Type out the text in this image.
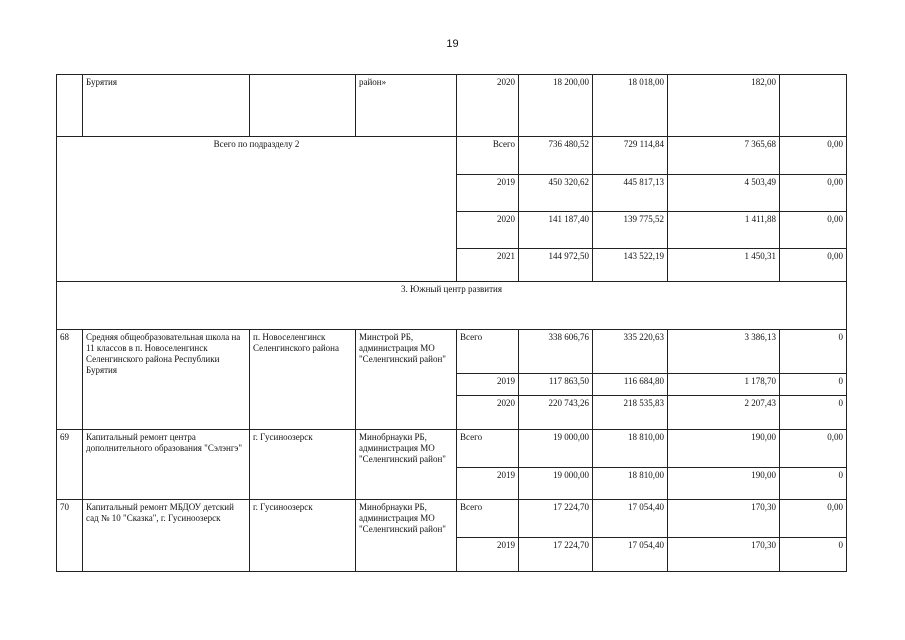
19
	Бурятия		район»	2020	18 200,00	18 018,00	182,00	
Всего по подразделу 2				Всего	736 480,52	729 114,84	7 365,68	0,00
				2019	450 320,62	445 817,13	4 503,49	0,00
				2020	141 187,40	139 775,52	1 411,88	0,00
				2021	144 972,50	143 522,19	1 450,31	0,00
3. Южный центр развития								
68	Средняя общеобразовательная школа на 11 классов в п. Новоселенгинск Селенгинского района Республики Бурятия	п. Новоселенгинск Селенгинского района	Минстрой РБ, администрация МО "Селенгинский район"	Всего	338 606,76	335 220,63	3 386,13	0
				2019	117 863,50	116 684,80	1 178,70	0
				2020	220 743,26	218 535,83	2 207,43	0
69	Капитальный ремонт центра дополнительного образования "Сэлэнгэ"	г. Гусиноозерск	Минобрнауки РБ, администрация МО "Селенгинский район"	Всего	19 000,00	18 810,00	190,00	0,00
				2019	19 000,00	18 810,00	190,00	0
70	Капитальный ремонт МБДОУ детский сад № 10 "Сказка", г. Гусиноозерск	г. Гусиноозерск	Минобрнауки РБ, администрация МО "Селенгинский район"	Всего	17 224,70	17 054,40	170,30	0,00
				2019	17 224,70	17 054,40	170,30	0
